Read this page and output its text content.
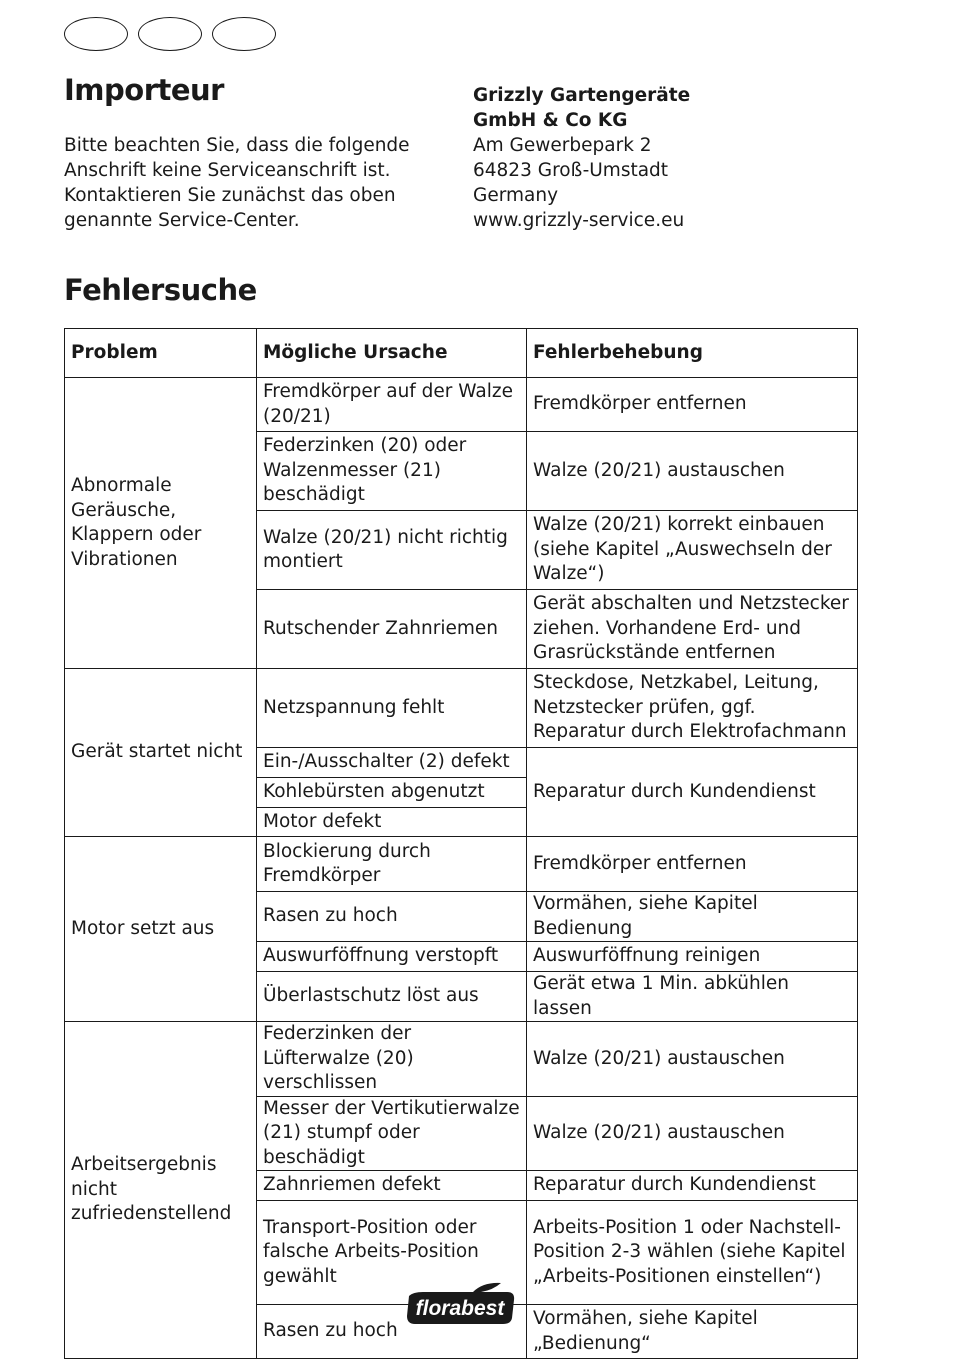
Importeur
Bitte beachten Sie, dass die folgende
Anschrift keine Serviceanschrift ist.
Kontaktieren Sie zunächst das oben
genannte Service-Center.
Grizzly Gartengeräte
GmbH & Co KG
Am Gewerbepark 2
64823 Groß-Umstadt
Germany
www.grizzly-service.eu
Fehlersuche
Problem	Mögliche Ursache	Fehlerbehebung
Abnormale Geräusche, Klappern oder Vibrationen	Fremdkörper auf der Walze (20/21)	Fremdkörper entfernen
	Federzinken (20) oder Walzenmesser (21) beschädigt	Walze (20/21) austauschen
	Walze (20/21) nicht richtig montiert	Walze (20/21) korrekt einbauen (siehe Kapitel „Auswechseln der Walze“)
	Rutschender Zahnriemen	Gerät abschalten und Netzstecker ziehen. Vorhandene Erd- und Grasrückstände entfernen
Gerät startet nicht	Netzspannung fehlt	Steckdose, Netzkabel, Leitung, Netzstecker prüfen, ggf. Reparatur durch Elektrofachmann
	Ein-/Ausschalter (2) defekt	Reparatur durch Kundendienst
	Kohlebürsten abgenutzt	
	Motor defekt	
Motor setzt aus	Blockierung durch Fremdkörper	Fremdkörper entfernen
	Rasen zu hoch	Vormähen, siehe Kapitel Bedienung
	Auswurföffnung verstopft	Auswurföffnung reinigen
	Überlastschutz löst aus	Gerät etwa 1 Min. abkühlen lassen
Arbeitsergebnis nicht zufriedenstellend	Federzinken der Lüfterwalze (20) verschlissen	Walze (20/21) austauschen
	Messer der Vertikutierwalze (21) stumpf oder beschädigt	Walze (20/21) austauschen
	Zahnriemen defekt	Reparatur durch Kundendienst
	Transport-Position oder falsche Arbeits-Position gewählt	Arbeits-Position 1 oder Nachstell-Position 2-3 wählen (siehe Kapitel „Arbeits-Positionen einstellen“)
	Rasen zu hoch	Vormähen, siehe Kapitel „Bedienung“
florabest
